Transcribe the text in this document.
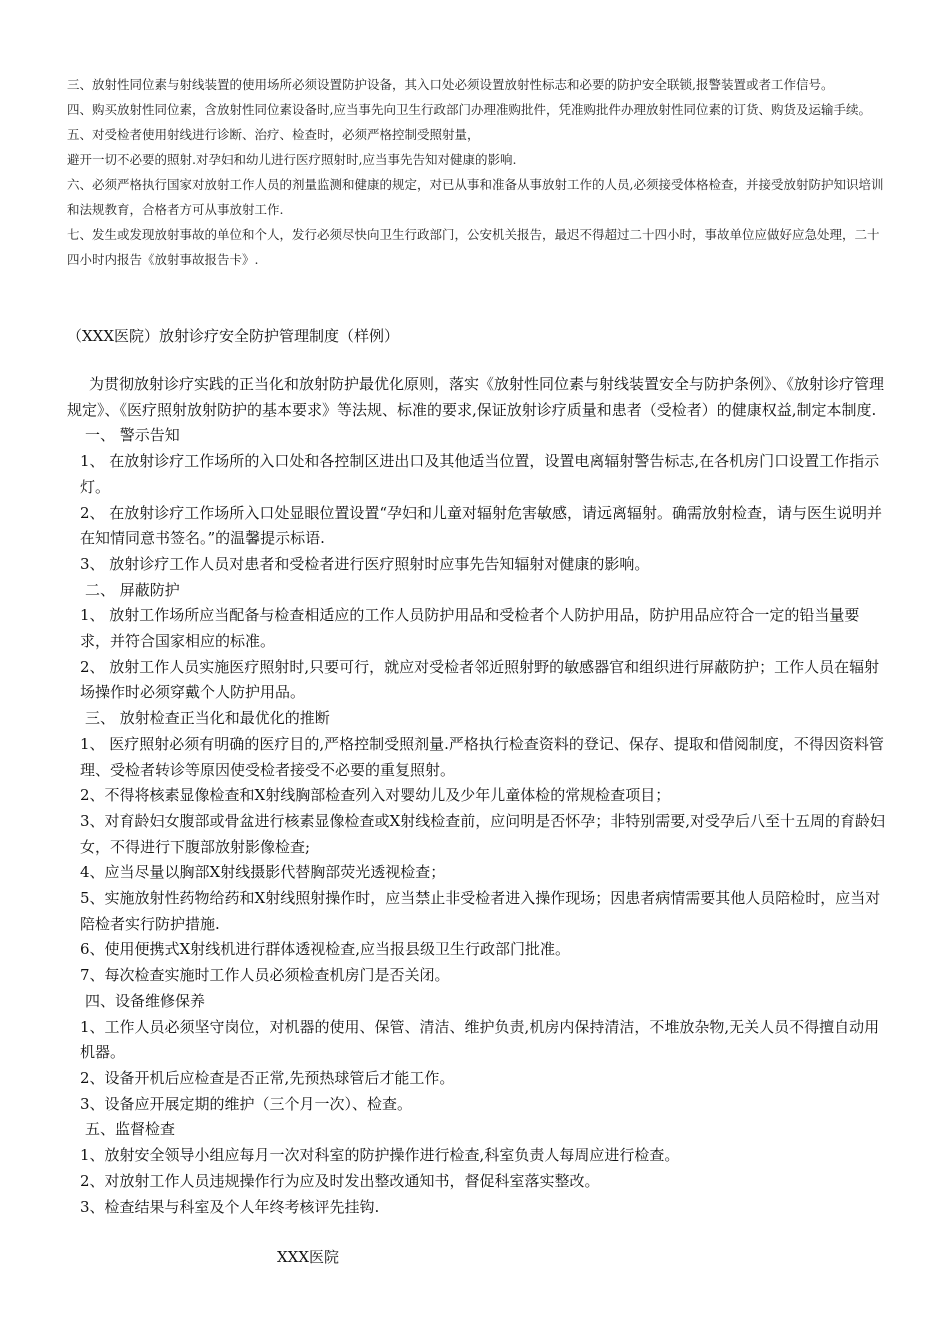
三、放射性同位素与射线装置的使用场所必须设置防护设备，其入口处必须设置放射性标志和必要的防护安全联锁,报警装置或者工作信号。

四、购买放射性同位素，含放射性同位素设备时,应当事先向卫生行政部门办理准购批件，凭准购批件办理放射性同位素的订货、购货及运输手续。

五、对受检者使用射线进行诊断、治疗、检查时，必须严格控制受照射量，

避开一切不必要的照射.对孕妇和幼儿进行医疗照射时,应当事先告知对健康的影响.

六、必须严格执行国家对放射工作人员的剂量监测和健康的规定，对已从事和准备从事放射工作的人员,必须接受体格检查，并接受放射防护知识培训和法规教育，合格者方可从事放射工作.

七、发生或发现放射事故的单位和个人，发行必须尽快向卫生行政部门，公安机关报告，最迟不得超过二十四小时，事故单位应做好应急处理，二十四小时内报告《放射事故报告卡》.

（XXX医院）放射诊疗安全防护管理制度（样例）

为贯彻放射诊疗实践的正当化和放射防护最优化原则，落实《放射性同位素与射线装置安全与防护条例》、《放射诊疗管理规定》、《医疗照射放射防护的基本要求》等法规、标准的要求,保证放射诊疗质量和患者（受检者）的健康权益,制定本制度.

一、 警示告知

1、 在放射诊疗工作场所的入口处和各控制区进出口及其他适当位置，设置电离辐射警告标志,在各机房门口设置工作指示灯。

2、 在放射诊疗工作场所入口处显眼位置设置“孕妇和儿童对辐射危害敏感，请远离辐射。确需放射检查，请与医生说明并在知情同意书签名。”的温馨提示标语.

3、 放射诊疗工作人员对患者和受检者进行医疗照射时应事先告知辐射对健康的影响。

二、 屏蔽防护

1、 放射工作场所应当配备与检查相适应的工作人员防护用品和受检者个人防护用品，防护用品应符合一定的铅当量要求，并符合国家相应的标准。

2、 放射工作人员实施医疗照射时,只要可行，就应对受检者邻近照射野的敏感器官和组织进行屏蔽防护；工作人员在辐射场操作时必须穿戴个人防护用品。

三、 放射检查正当化和最优化的推断

1、 医疗照射必须有明确的医疗目的,严格控制受照剂量.严格执行检查资料的登记、保存、提取和借阅制度，不得因资料管理、受检者转诊等原因使受检者接受不必要的重复照射。

2、不得将核素显像检查和X射线胸部检查列入对婴幼儿及少年儿童体检的常规检查项目；

3、对育龄妇女腹部或骨盆进行核素显像检查或X射线检查前，应问明是否怀孕；非特别需要,对受孕后八至十五周的育龄妇女，不得进行下腹部放射影像检查;

4、应当尽量以胸部X射线摄影代替胸部荧光透视检查；

5、实施放射性药物给药和X射线照射操作时，应当禁止非受检者进入操作现场；因患者病情需要其他人员陪检时，应当对陪检者实行防护措施.

6、使用便携式X射线机进行群体透视检查,应当报县级卫生行政部门批准。

7、每次检查实施时工作人员必须检查机房门是否关闭。

四、设备维修保养

1、工作人员必须坚守岗位，对机器的使用、保管、清洁、维护负责,机房内保持清洁，不堆放杂物,无关人员不得擅自动用机器。

2、设备开机后应检查是否正常,先预热球管后才能工作。

3、设备应开展定期的维护（三个月一次）、检查。

五、监督检查

1、放射安全领导小组应每月一次对科室的防护操作进行检查,科室负责人每周应进行检查。

2、对放射工作人员违规操作行为应及时发出整改通知书，督促科室落实整改。

3、检查结果与科室及个人年终考核评先挂钩.

XXX医院
